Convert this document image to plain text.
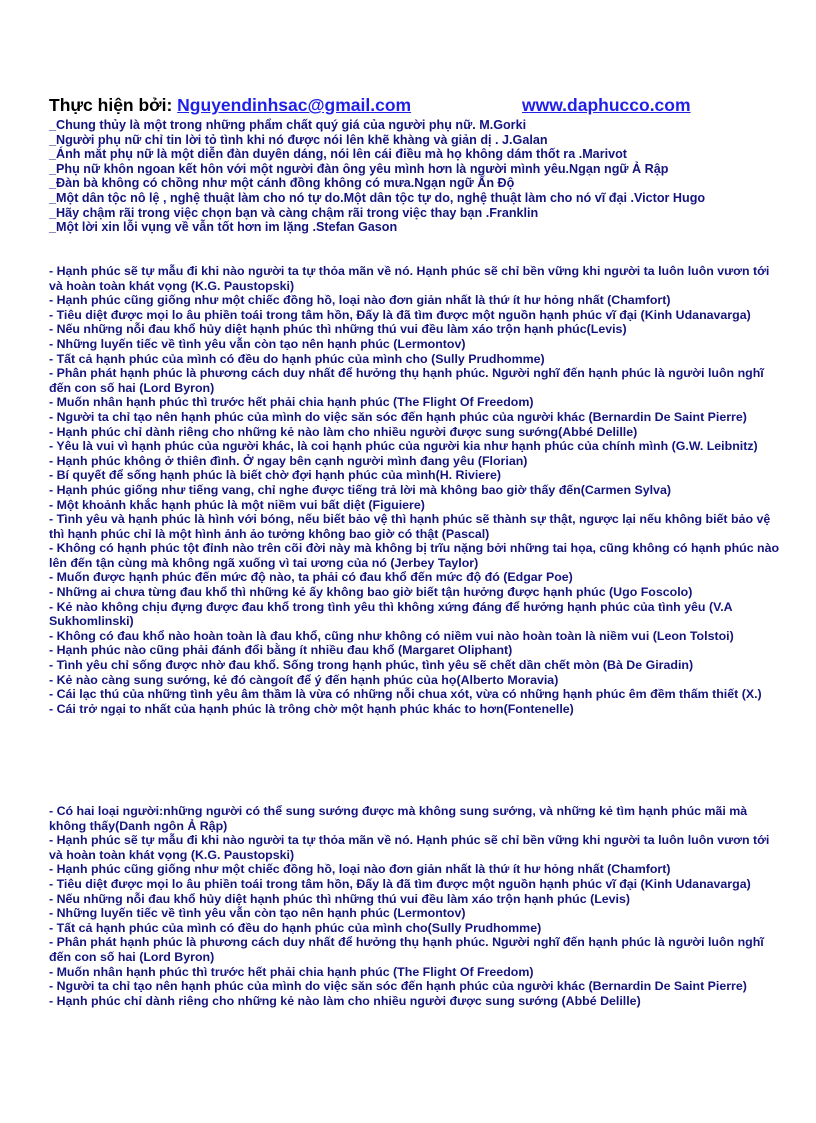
Thực hiện bởi: Nguyendinhsac@gmail.com	www.daphucco.com

_Chung thủy là một trong những phẩm chất quý giá của người phụ nữ. M.Gorki

_Người phụ nữ chỉ tin lời tỏ tình khi nó được nói lên khẽ khàng và giản dị . J.Galan

_Ánh mắt phụ nữ là một diễn đàn duyên dáng, nói lên cái điều mà họ không dám thốt ra .Marivot

_Phụ nữ khôn ngoan kết hôn với một người đàn ông yêu mình hơn là người mình yêu.Ngạn ngữ Ả Rập

_Đàn bà không có chồng như một cánh đồng không có mưa.Ngạn ngữ Ấn Độ

_Một dân tộc nô lệ , nghệ thuật làm cho nó tự do.Một dân tộc tự do, nghệ thuật làm cho nó vĩ đại .Victor Hugo

_Hãy chậm rãi trong việc chọn bạn và càng chậm rãi trong việc thay bạn .Franklin

_Một lời xin lỗi vụng về vẫn tốt hơn im lặng .Stefan Gason

- Hạnh phúc sẽ tự mẫu đi khi nào người ta tự thỏa mãn về nó. Hạnh phúc sẽ chỉ bền vững khi người ta luôn luôn vươn tới và hoàn toàn khát vọng (K.G. Paustopski)

- Hạnh phúc cũng giống như một chiếc đồng hồ, loại nào đơn giản nhất là thứ ít hư hỏng nhất (Chamfort)

- Tiêu diệt được mọi lo âu phiền toái trong tâm hồn, Đấy là đã tìm được một nguồn hạnh phúc vĩ đại (Kinh Udanavarga)

- Nếu những nỗi đau khổ hủy diệt hạnh phúc thì những thú vui đều làm xáo trộn hạnh phúc(Levis)

- Những luyến tiếc về tình yêu vẫn còn tạo nên hạnh phúc (Lermontov)

- Tất cả hạnh phúc của mình có đều do hạnh phúc của mình cho (Sully Prudhomme)

- Phân phát hạnh phúc là phương cách duy nhất để hưởng thụ hạnh phúc. Người nghĩ đến hạnh phúc là người luôn nghĩ đến con số hai (Lord Byron)

- Muốn nhân hạnh phúc thì trước hết phải chia hạnh phúc (The Flight Of Freedom)

- Người ta chỉ tạo nên hạnh phúc của mình do việc săn sóc đến hạnh phúc của người khác (Bernardin De Saint Pierre)

- Hạnh phúc chỉ dành riêng cho những kẻ nào làm cho nhiều người được sung sướng(Abbé Delille)

- Yêu là vui vì hạnh phúc của người khác, là coi hạnh phúc của người kia như hạnh phúc của chính mình (G.W. Leibnitz)

- Hạnh phúc không ở thiên đình. Ở ngay bên cạnh người mình đang yêu (Florian)

- Bí quyết để sống hạnh phúc là biết chờ đợi hạnh phúc của mình(H. Riviere)

- Hạnh phúc giống như tiếng vang, chỉ nghe được tiếng trả lời mà không bao giờ thấy đến(Carmen Sylva)

- Một khoảnh khắc hạnh phúc là một niềm vui bất diệt (Figuiere)

- Tình yêu và hạnh phúc là hình với bóng, nếu biết bảo vệ thì hạnh phúc sẽ thành sự thật, ngược lại nếu không biết bảo vệ thì hạnh phúc chỉ là một hình ảnh ảo tưởng không bao giờ có thật (Pascal)

- Không có hạnh phúc tột đỉnh nào trên cõi đời này mà không bị trĩu nặng bởi những tai họa, cũng không có hạnh phúc nào lên đến tận cùng mà không ngã xuống vì tai ương của nó (Jerbey Taylor)

- Muốn được hạnh phúc đến mức độ nào, ta phải có đau khổ đến mức độ đó (Edgar Poe)

- Những ai chưa từng đau khổ thì những kẻ ấy không bao giờ biết tận hưởng được hạnh phúc (Ugo Foscolo)

- Kẻ nào không chịu đựng được đau khổ trong tình yêu thì không xứng đáng để hưởng hạnh phúc của tình yêu (V.A Sukhomlinski)

- Không có đau khổ nào hoàn toàn là đau khổ, cũng như không có niềm vui nào hoàn toàn là niềm vui (Leon Tolstoi)

- Hạnh phúc nào cũng phải đánh đổi bằng ít nhiều đau khổ (Margaret Oliphant)

- Tình yêu chỉ sống được nhờ đau khổ. Sống trong hạnh phúc, tình yêu sẽ chết dần chết mòn (Bà De Giradin)

- Kẻ nào càng sung sướng, kẻ đó càngoít để ý đến hạnh phúc của họ(Alberto Moravia)

- Cái lạc thú của những tình yêu âm thầm là vừa có những nỗi chua xót, vừa có những hạnh phúc êm đềm thấm thiết (X.)

- Cái trở ngại to nhất của hạnh phúc là trông chờ một hạnh phúc khác to hơn(Fontenelle)

- Có hai loại người:những người có thể sung sướng được mà không sung sướng, và những kẻ tìm hạnh phúc mãi mà không thấy(Danh ngôn Ả Rập)

- Hạnh phúc sẽ tự mẫu đi khi nào người ta tự thỏa mãn về nó. Hạnh phúc sẽ chỉ bền vững khi người ta luôn luôn vươn tới và hoàn toàn khát vọng (K.G. Paustopski)

- Hạnh phúc cũng giống như một chiếc đồng hồ, loại nào đơn giản nhất là thứ ít hư hỏng nhất (Chamfort)

- Tiêu diệt được mọi lo âu phiền toái trong tâm hồn, Đấy là đã tìm được một nguồn hạnh phúc vĩ đại (Kinh Udanavarga)

- Nếu những nỗi đau khổ hủy diệt hạnh phúc thì những thú vui đều làm xáo trộn hạnh phúc (Levis)

- Những luyến tiếc về tình yêu vẫn còn tạo nên hạnh phúc (Lermontov)

- Tất cả hạnh phúc của mình có đều do hạnh phúc của mình cho(Sully Prudhomme)

- Phân phát hạnh phúc là phương cách duy nhất để hưởng thụ hạnh phúc. Người nghĩ đến hạnh phúc là người luôn nghĩ đến con số hai (Lord Byron)

- Muốn nhân hạnh phúc thì trước hết phải chia hạnh phúc (The Flight Of Freedom)

- Người ta chỉ tạo nên hạnh phúc của mình do việc săn sóc đến hạnh phúc của người khác (Bernardin De Saint Pierre)

- Hạnh phúc chỉ dành riêng cho những kẻ nào làm cho nhiều người được sung sướng (Abbé Delille)
